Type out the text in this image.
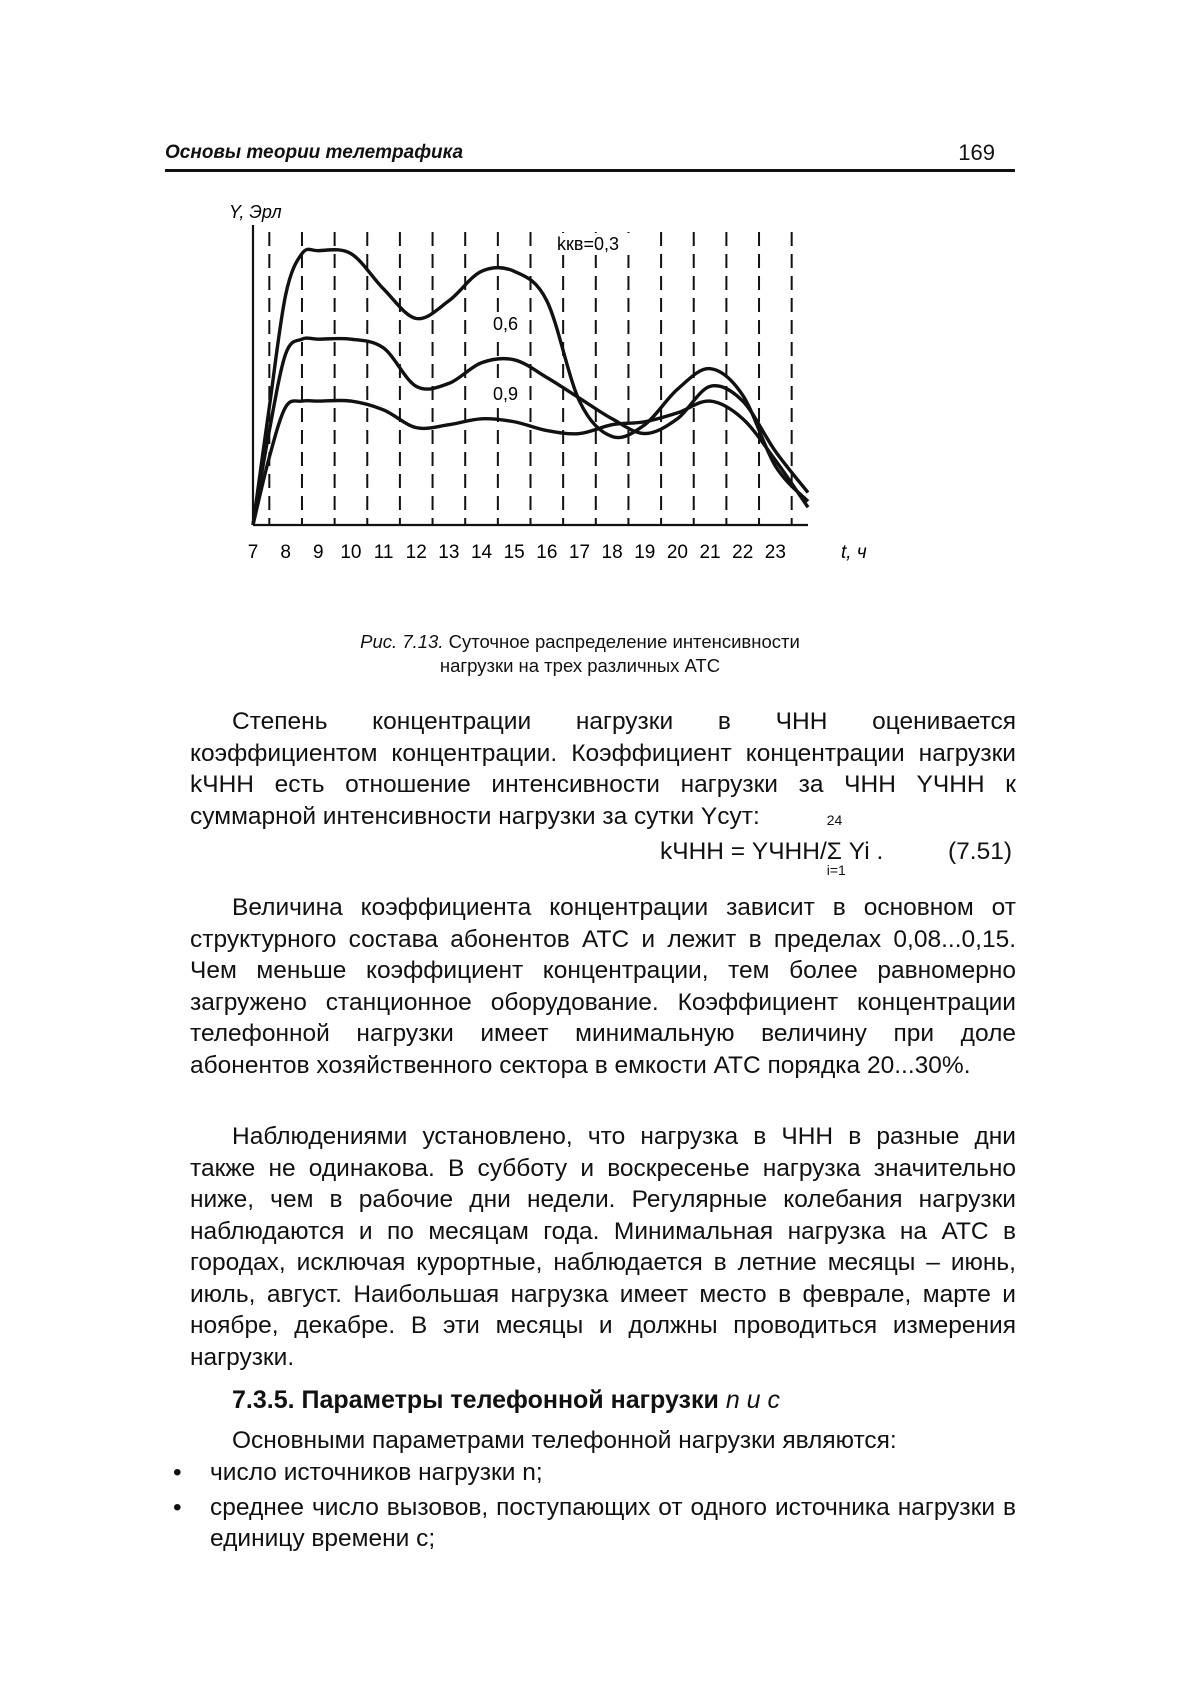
Основы теории телетрафика	169
Y, Эрл
7 8 9 10 11 12 13 14 15 16 17 18 19 20 21 22 23	t, ч
kкв=0,3
0,6
0,9
Рис. 7.13. Суточное распределение интенсивности
нагрузки на трех различных АТС

Степень концентрации нагрузки в ЧНН оценивается коэффициентом концентрации. Коэффициент концентрации нагрузки kЧНН есть отношение интенсивности нагрузки за ЧНН YЧНН к суммарной интенсивности нагрузки за сутки Yсут:

kЧНН = YЧНН/
24
Σ
i=1
Yi .	(7.51)

Величина коэффициента концентрации зависит в основном от структурного состава абонентов АТС и лежит в пределах 0,08...0,15. Чем меньше коэффициент концентрации, тем более равномерно загружено станционное оборудование. Коэффициент концентрации телефонной нагрузки имеет минимальную величину при доле абонентов хозяйственного сектора в емкости АТС порядка 20...30%.

Наблюдениями установлено, что нагрузка в ЧНН в разные дни также не одинакова. В субботу и воскресенье нагрузка значительно ниже, чем в рабочие дни недели. Регулярные колебания нагрузки наблюдаются и по месяцам года. Минимальная нагрузка на АТС в городах, исключая курортные, наблюдается в летние месяцы – июнь, июль, август. Наибольшая нагрузка имеет место в феврале, марте и ноябре, декабре. В эти месяцы и должны проводиться измерения нагрузки.

7.3.5. Параметры телефонной нагрузки n и c

Основными параметрами телефонной нагрузки являются:

• число источников нагрузки n;

• среднее число вызовов, поступающих от одного источника нагрузки в единицу времени c;
